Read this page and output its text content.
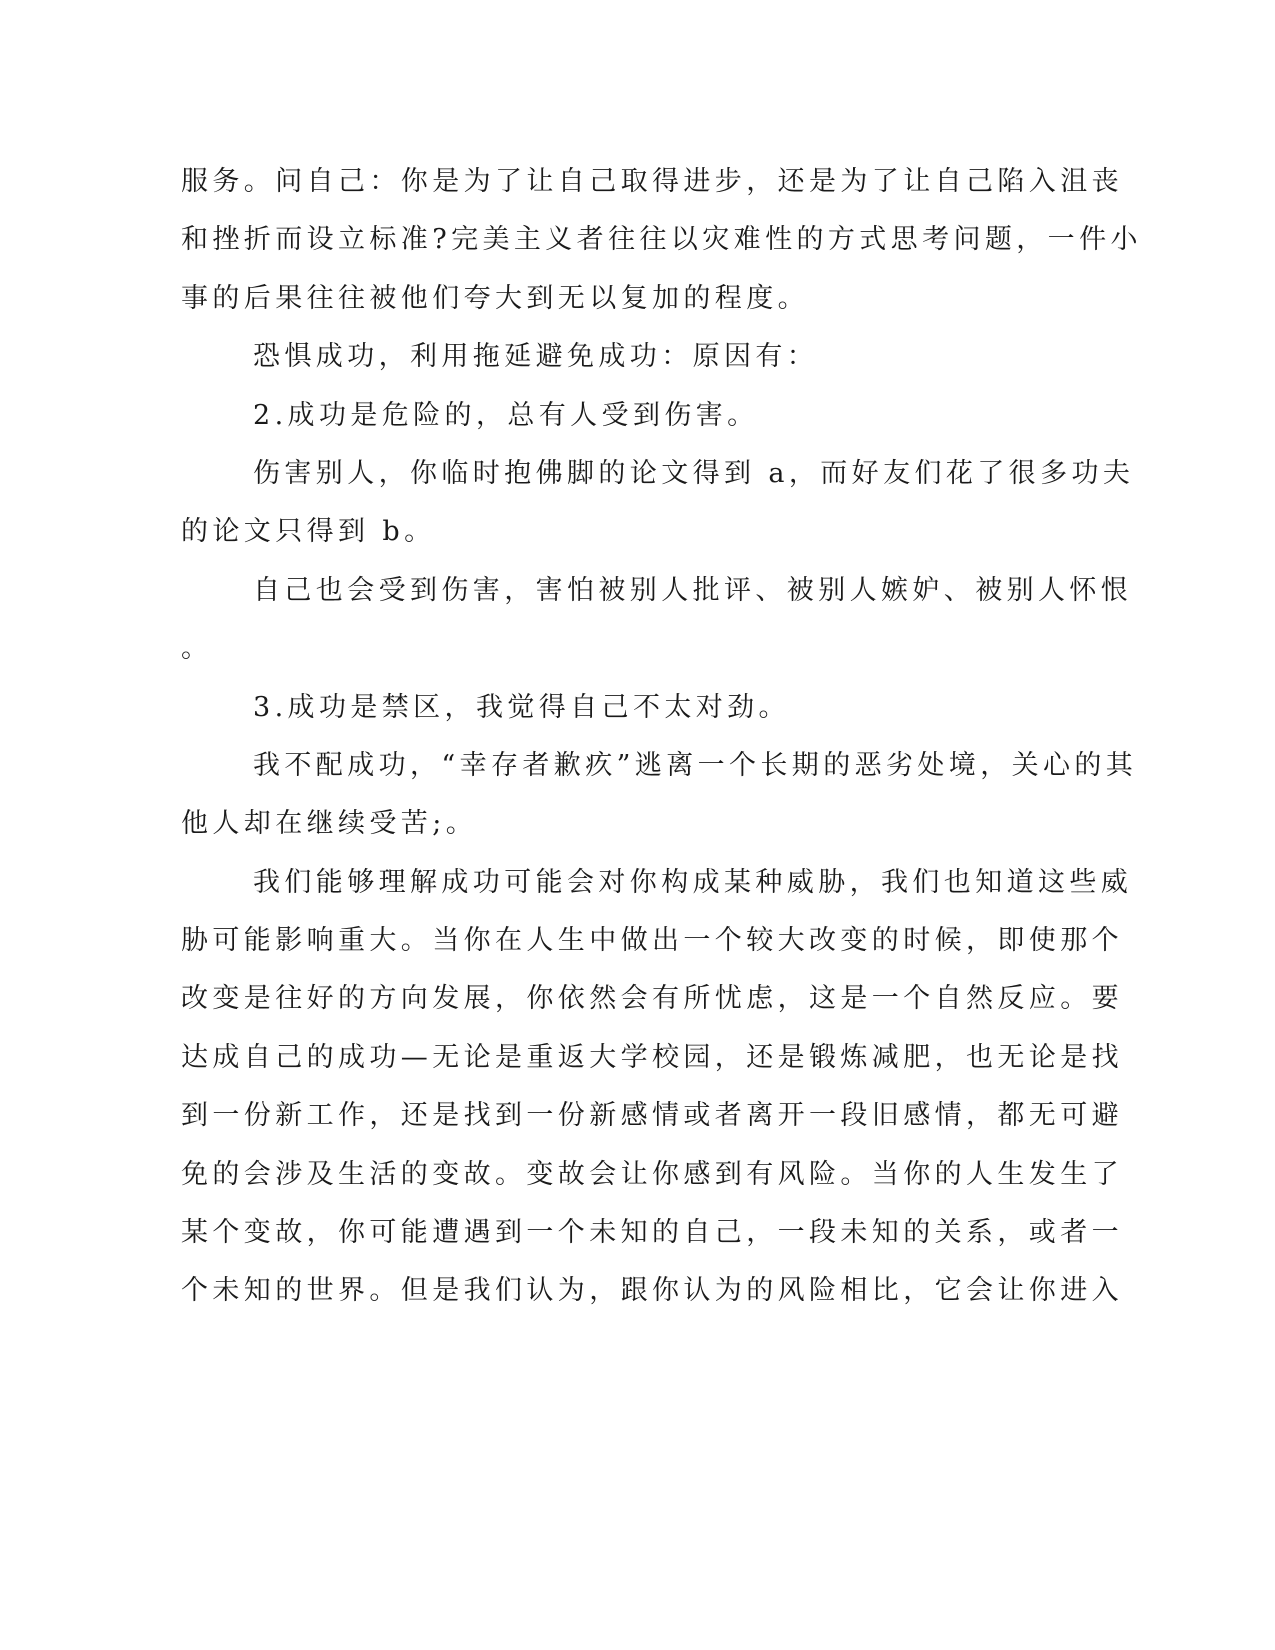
服务。问自己：你是为了让自己取得进步，还是为了让自己陷入沮丧
和挫折而设立标准?完美主义者往往以灾难性的方式思考问题，一件小
事的后果往往被他们夸大到无以复加的程度。
恐惧成功，利用拖延避免成功：原因有：
2.成功是危险的，总有人受到伤害。
伤害别人，你临时抱佛脚的论文得到 a，而好友们花了很多功夫
的论文只得到 b。
自己也会受到伤害，害怕被别人批评、被别人嫉妒、被别人怀恨
。
3.成功是禁区，我觉得自己不太对劲。
我不配成功，“幸存者歉疚”逃离一个长期的恶劣处境，关心的其
他人却在继续受苦;。
我们能够理解成功可能会对你构成某种威胁，我们也知道这些威
胁可能影响重大。当你在人生中做出一个较大改变的时候，即使那个
改变是往好的方向发展，你依然会有所忧虑，这是一个自然反应。要
达成自己的成功—无论是重返大学校园，还是锻炼减肥，也无论是找
到一份新工作，还是找到一份新感情或者离开一段旧感情，都无可避
免的会涉及生活的变故。变故会让你感到有风险。当你的人生发生了
某个变故，你可能遭遇到一个未知的自己，一段未知的关系，或者一
个未知的世界。但是我们认为，跟你认为的风险相比，它会让你进入
